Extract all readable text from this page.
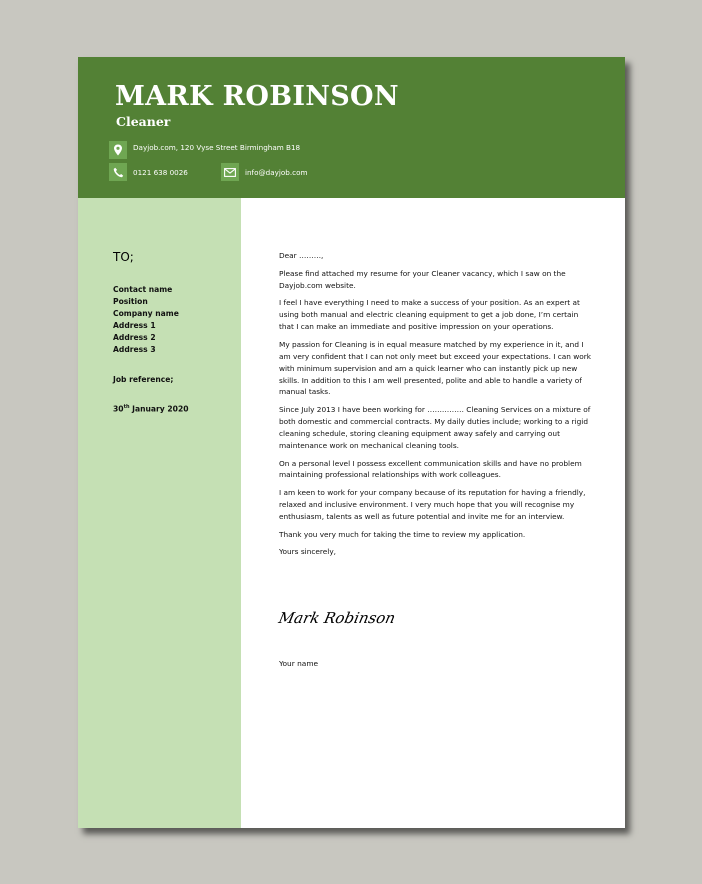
MARK ROBINSON
Cleaner
Dayjob.com, 120 Vyse Street Birmingham B18
0121 638 0026	info@dayjob.com
TO;
Contact name
Position
Company name
Address 1
Address 2
Address 3
Job reference;
30th January 2020

Dear ………,

Please find attached my resume for your Cleaner vacancy, which I saw on the Dayjob.com website.

I feel I have everything I need to make a success of your position. As an expert at using both manual and electric cleaning equipment to get a job done, I’m certain that I can make an immediate and positive impression on your operations.

My passion for Cleaning is in equal measure matched by my experience in it, and I am very confident that I can not only meet but exceed your expectations. I can work with minimum supervision and am a quick learner who can instantly pick up new skills. In addition to this I am well presented, polite and able to handle a variety of manual tasks.

Since July 2013 I have been working for …………… Cleaning Services on a mixture of both domestic and commercial contracts. My daily duties include; working to a rigid cleaning schedule, storing cleaning equipment away safely and carrying out maintenance work on mechanical cleaning tools.

On a personal level I possess excellent communication skills and have no problem maintaining professional relationships with work colleagues.

I am keen to work for your company because of its reputation for having a friendly, relaxed and inclusive environment. I very much hope that you will recognise my enthusiasm, talents as well as future potential and invite me for an interview.

Thank you very much for taking the time to review my application.

Yours sincerely,

Mark Robinson
Your name
